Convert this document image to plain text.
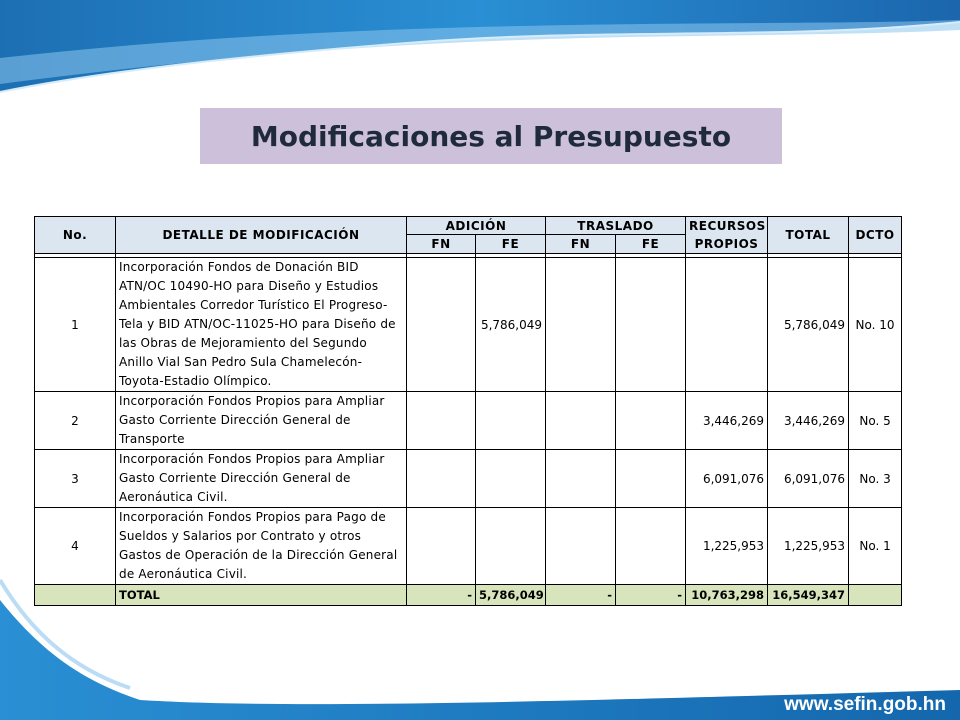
www.sefin.gob.hn
Modificaciones al Presupuesto
No.	DETALLE DE MODIFICACIÓN	ADICIÓN		TRASLADO		RECURSOS PROPIOS	TOTAL	DCTO
		FN	FE	FN	FE			

1	Incorporación Fondos de Donación BID ATN/OC 10490-HO para Diseño y Estudios Ambientales Corredor Turístico El Progreso-Tela y BID ATN/OC-11025-HO para Diseño de las Obras de Mejoramiento del Segundo Anillo Vial San Pedro Sula Chamelecón-Toyota-Estadio Olímpico.		5,786,049				5,786,049	No. 10
2	Incorporación Fondos Propios para Ampliar Gasto Corriente Dirección General de Transporte					3,446,269	3,446,269	No. 5
3	Incorporación Fondos Propios para Ampliar Gasto Corriente Dirección General de Aeronáutica Civil.					6,091,076	6,091,076	No. 3
4	Incorporación Fondos Propios para Pago de Sueldos y Salarios por Contrato y otros Gastos de Operación de la Dirección General de Aeronáutica Civil.					1,225,953	1,225,953	No. 1
	TOTAL	-	5,786,049	-	-	10,763,298	16,549,347	
